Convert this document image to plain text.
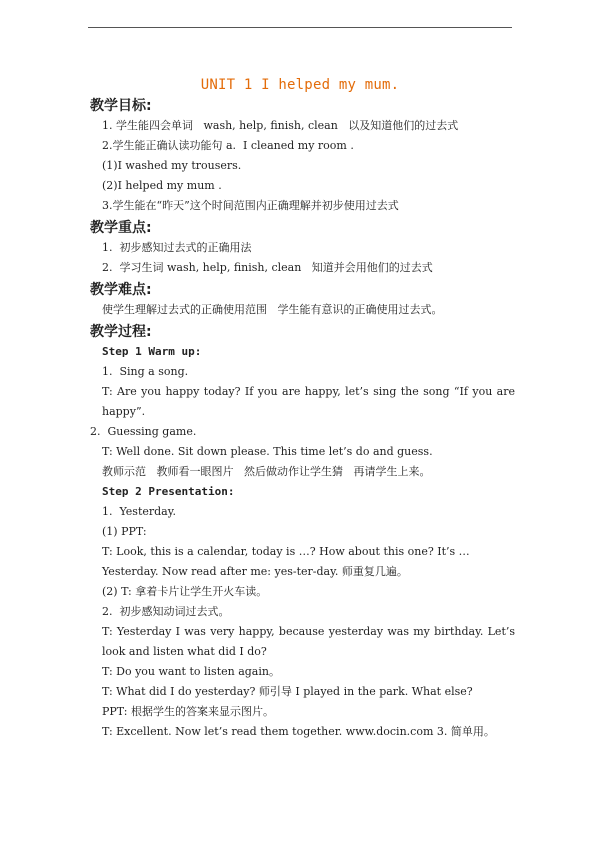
UNIT 1 I helped my mum.
教学目标:
1. 学生能四会单词   wash, help, finish, clean   以及知道他们的过去式
2.学生能正确认读功能句 a.  I cleaned my room .
(1)I washed my trousers.
(2)I helped my mum .
3.学生能在“昨天”这个时间范围内正确理解并初步使用过去式
教学重点:
1.  初步感知过去式的正确用法
2.  学习生词 wash, help, finish, clean   知道并会用他们的过去式
教学难点:
使学生理解过去式的正确使用范围   学生能有意识的正确使用过去式。
教学过程:
Step 1 Warm up:
1.  Sing a song.
T: Are you happy today? If you are happy, let’s sing the song “If you are happy”.
2.  Guessing game.
T: Well done. Sit down please. This time let’s do and guess.
教师示范   教师看一眼图片   然后做动作让学生猜   再请学生上来。
Step 2 Presentation:
1.  Yesterday.
(1) PPT:
T: Look, this is a calendar, today is …? How about this one? It’s …
Yesterday. Now read after me: yes-ter-day. 师重复几遍。
(2) T: 拿着卡片让学生开火车读。
2.  初步感知动词过去式。
T: Yesterday I was very happy, because yesterday was my birthday. Let’s look and listen what did I do?
T: Do you want to listen again。
T: What did I do yesterday? 师引导 I played in the park. What else?
PPT: 根据学生的答案来显示图片。
T: Excellent. Now let’s read them together. www.docin.com 3. 简单用。
